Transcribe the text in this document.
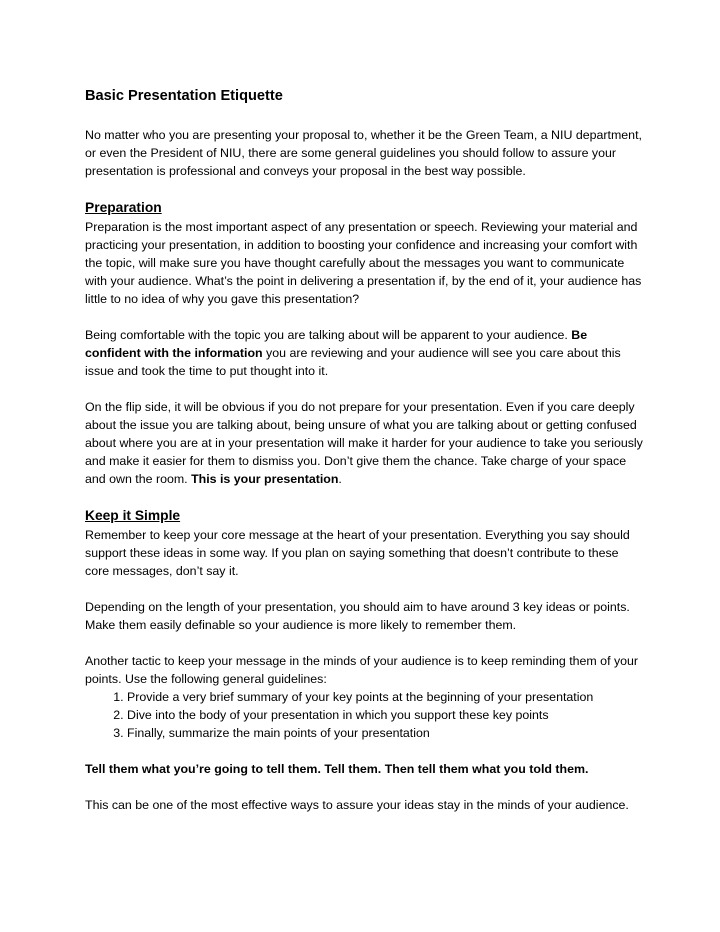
Basic Presentation Etiquette

No matter who you are presenting your proposal to, whether it be the Green Team, a NIU department, or even the President of NIU, there are some general guidelines you should follow to assure your presentation is professional and conveys your proposal in the best way possible.

Preparation

Preparation is the most important aspect of any presentation or speech. Reviewing your material and practicing your presentation, in addition to boosting your confidence and increasing your comfort with the topic, will make sure you have thought carefully about the messages you want to communicate with your audience. What’s the point in delivering a presentation if, by the end of it, your audience has little to no idea of why you gave this presentation?

Being comfortable with the topic you are talking about will be apparent to your audience. Be confident with the information you are reviewing and your audience will see you care about this issue and took the time to put thought into it.

On the flip side, it will be obvious if you do not prepare for your presentation. Even if you care deeply about the issue you are talking about, being unsure of what you are talking about or getting confused about where you are at in your presentation will make it harder for your audience to take you seriously and make it easier for them to dismiss you. Don’t give them the chance. Take charge of your space and own the room. This is your presentation.

Keep it Simple

Remember to keep your core message at the heart of your presentation. Everything you say should support these ideas in some way. If you plan on saying something that doesn’t contribute to these core messages, don’t say it.

Depending on the length of your presentation, you should aim to have around 3 key ideas or points. Make them easily definable so your audience is more likely to remember them.

Another tactic to keep your message in the minds of your audience is to keep reminding them of your points. Use the following general guidelines:

1. Provide a very brief summary of your key points at the beginning of your presentation
2. Dive into the body of your presentation in which you support these key points
3. Finally, summarize the main points of your presentation

Tell them what you’re going to tell them. Tell them. Then tell them what you told them.

This can be one of the most effective ways to assure your ideas stay in the minds of your audience.
